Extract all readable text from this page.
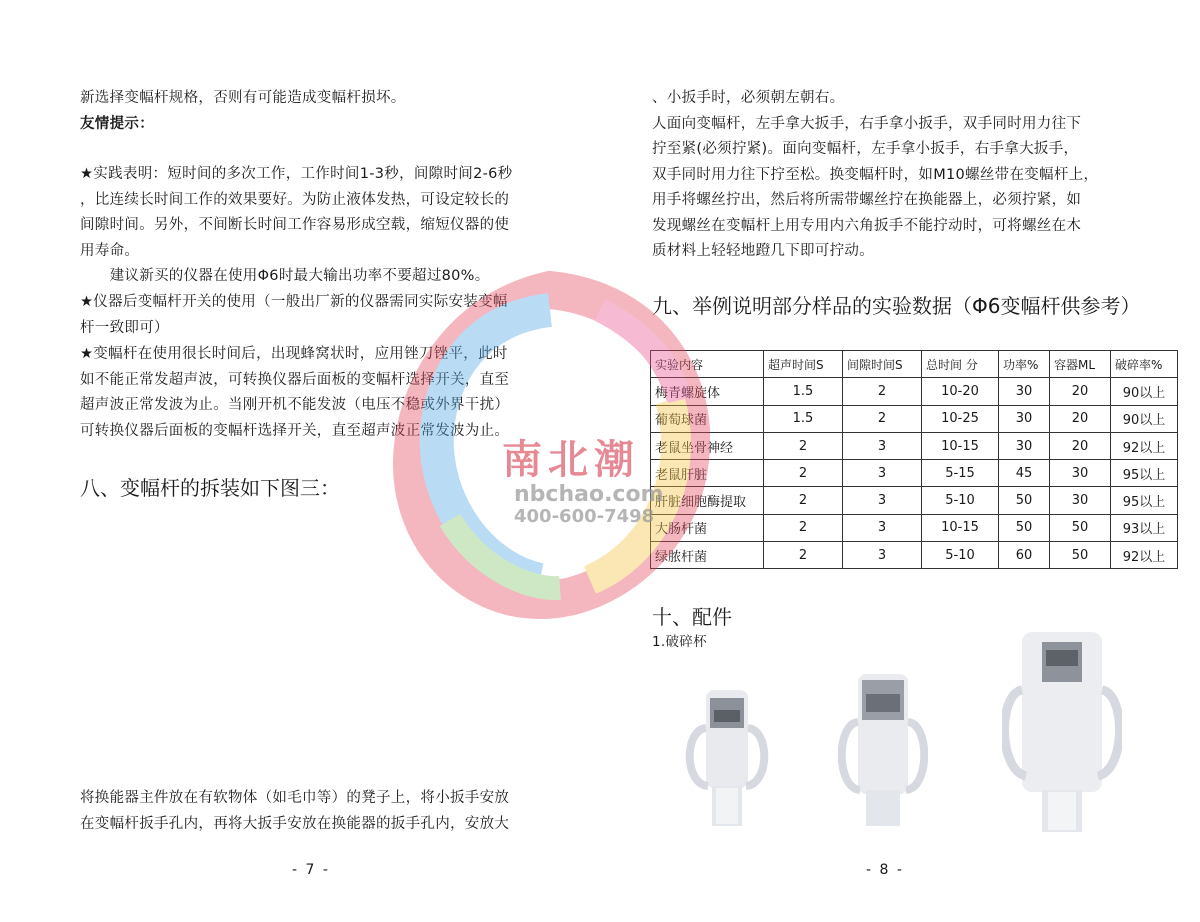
新选择变幅杆规格，否则有可能造成变幅杆损坏。
友情提示：
★实践表明：短时间的多次工作，工作时间1-3秒，间隙时间2-6秒
，比连续长时间工作的效果要好。为防止液体发热，可设定较长的
间隙时间。另外，不间断长时间工作容易形成空载，缩短仪器的使
用寿命。
　　建议新买的仪器在使用Φ6时最大输出功率不要超过80%。
★仪器后变幅杆开关的使用（一般出厂新的仪器需同实际安装变幅
杆一致即可）
★变幅杆在使用很长时间后，出现蜂窝状时，应用锉刀锉平，此时
如不能正常发超声波，可转换仪器后面板的变幅杆选择开关，直至
超声波正常发波为止。当刚开机不能发波（电压不稳或外界干扰）
可转换仪器后面板的变幅杆选择开关，直至超声波正常发波为止。
八、变幅杆的拆装如下图三：
将换能器主件放在有软物体（如毛巾等）的凳子上，将小扳手安放
在变幅杆扳手孔内，再将大扳手安放在换能器的扳手孔内，安放大
- 7 -
、小扳手时，必须朝左朝右。
人面向变幅杆，左手拿大扳手，右手拿小扳手，双手同时用力往下
拧至紧(必须拧紧)。面向变幅杆，左手拿小扳手，右手拿大扳手，
双手同时用力往下拧至松。换变幅杆时，如M10螺丝带在变幅杆上，
用手将螺丝拧出，然后将所需带螺丝拧在换能器上，必须拧紧，如
发现螺丝在变幅杆上用专用内六角扳手不能拧动时，可将螺丝在木
质材料上轻轻地蹬几下即可拧动。
九、举例说明部分样品的实验数据（Φ6变幅杆供参考）
实验内容	超声时间S	间隙时间S	总时间 分	功率%	容器ML	破碎率%
梅青螺旋体	1.5	2	10-20	30	20	90以上
葡萄球菌	1.5	2	10-25	30	20	90以上
老鼠坐骨神经	2	3	10-15	30	20	92以上
老鼠肝脏	2	3	5-15	45	30	95以上
肝脏细胞酶提取	2	3	5-10	50	30	95以上
大肠杆菌	2	3	10-15	50	50	93以上
绿脓杆菌	2	3	5-10	60	50	92以上
十、配件
1.破碎杯
- 8 -
南北潮
nbchao.com
400-600-7498
